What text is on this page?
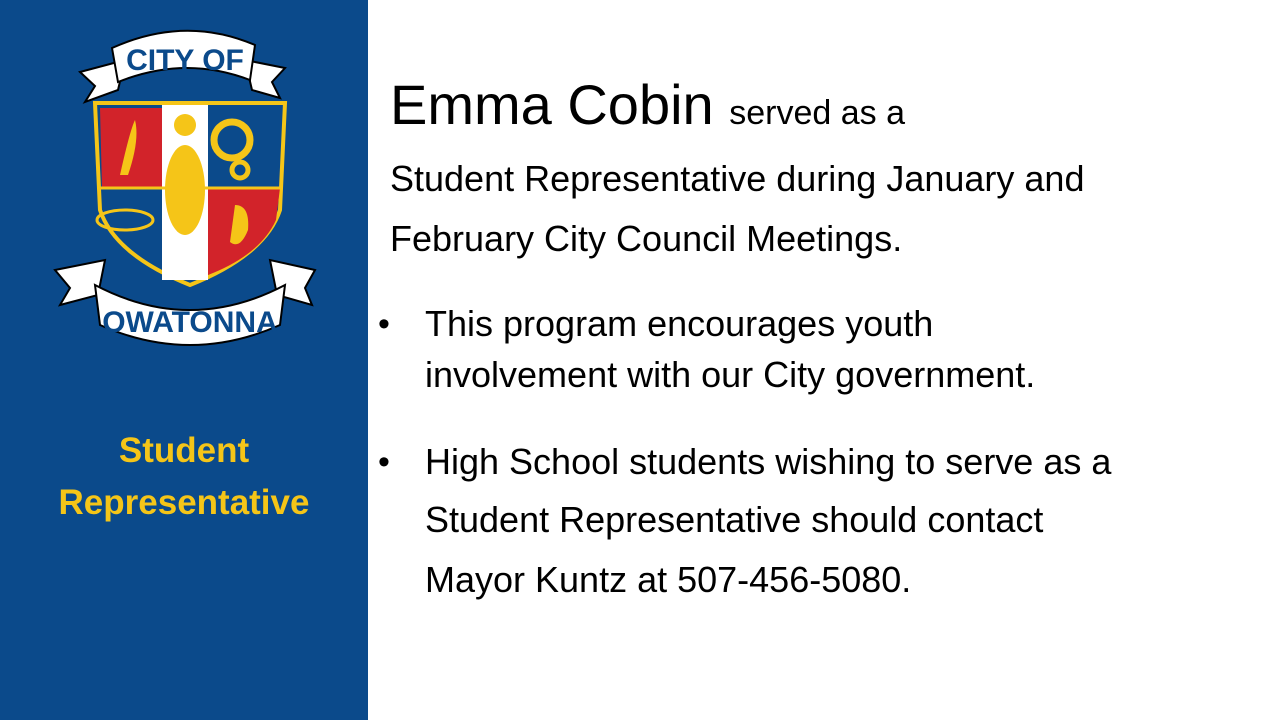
CITY OF
OWATONNA
Student
Representative
Emma Cobin served as a
Student Representative during January and
February City Council Meetings.
• This program encourages youth
involvement with our City government.
• High School students wishing to serve as a
Student Representative should contact
Mayor Kuntz at 507-456-5080.
